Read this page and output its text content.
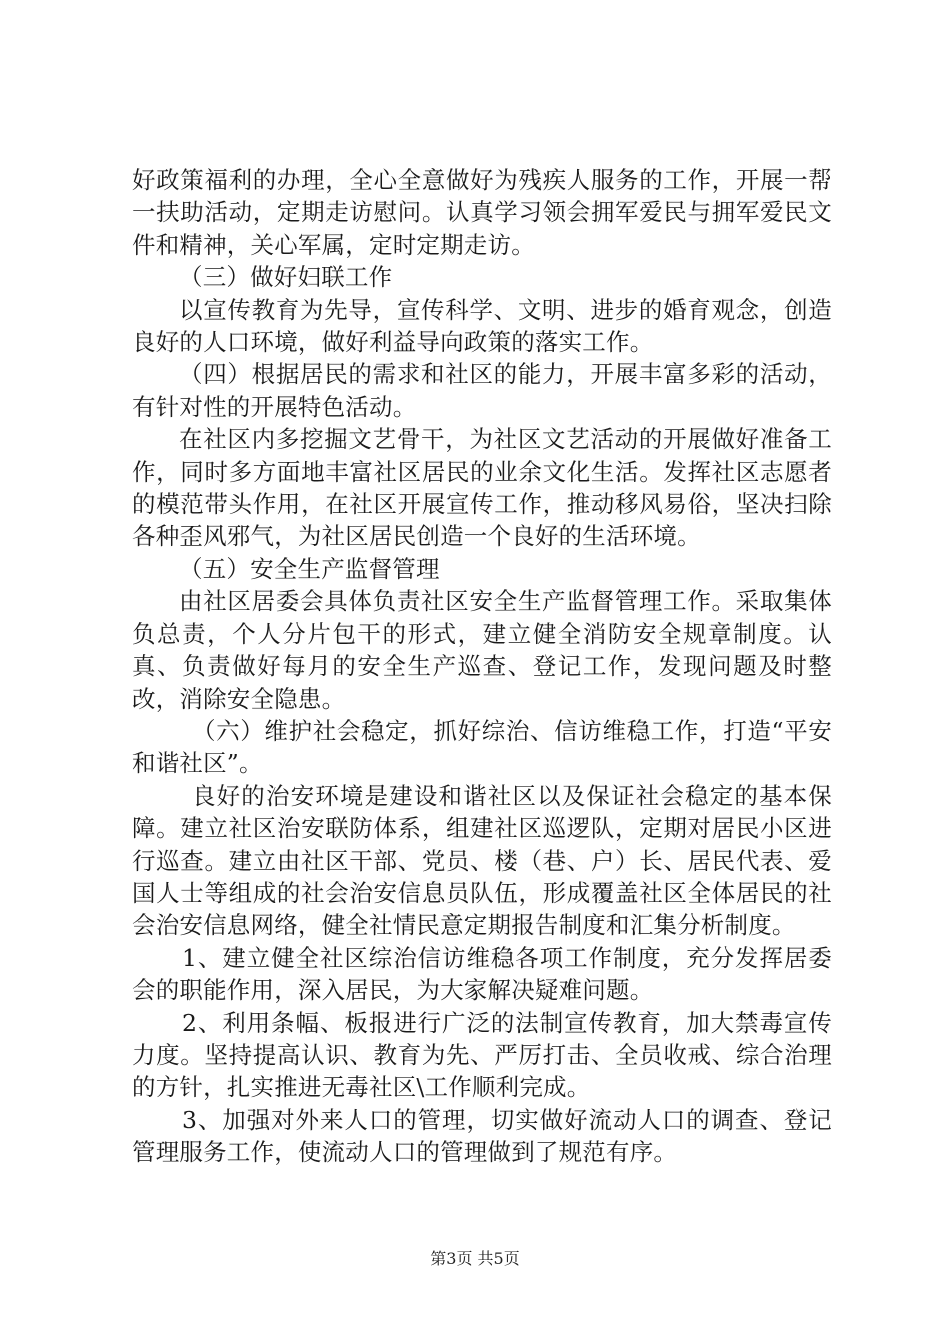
好政策福利的办理，全心全意做好为残疾人服务的工作，开展一帮一扶助活动，定期走访慰问。认真学习领会拥军爱民与拥军爱民文件和精神，关心军属，定时定期走访。

（三）做好妇联工作

以宣传教育为先导，宣传科学、文明、进步的婚育观念，创造良好的人口环境，做好利益导向政策的落实工作。

（四）根据居民的需求和社区的能力，开展丰富多彩的活动，有针对性的开展特色活动。

在社区内多挖掘文艺骨干，为社区文艺活动的开展做好准备工作，同时多方面地丰富社区居民的业余文化生活。发挥社区志愿者的模范带头作用，在社区开展宣传工作，推动移风易俗，坚决扫除各种歪风邪气，为社区居民创造一个良好的生活环境。

（五）安全生产监督管理

由社区居委会具体负责社区安全生产监督管理工作。采取集体负总责，个人分片包干的形式，建立健全消防安全规章制度。认真、负责做好每月的安全生产巡查、登记工作，发现问题及时整改，消除安全隐患。

（六）维护社会稳定，抓好综治、信访维稳工作，打造“平安和谐社区”。

良好的治安环境是建设和谐社区以及保证社会稳定的基本保障。建立社区治安联防体系，组建社区巡逻队，定期对居民小区进行巡查。建立由社区干部、党员、楼（巷、户）长、居民代表、爱国人士等组成的社会治安信息员队伍，形成覆盖社区全体居民的社会治安信息网络，健全社情民意定期报告制度和汇集分析制度。

1、建立健全社区综治信访维稳各项工作制度，充分发挥居委会的职能作用，深入居民，为大家解决疑难问题。

2、利用条幅、板报进行广泛的法制宣传教育，加大禁毒宣传力度。坚持提高认识、教育为先、严厉打击、全员收戒、综合治理的方针，扎实推进无毒社区\工作顺利完成。

3、加强对外来人口的管理，切实做好流动人口的调查、登记管理服务工作，使流动人口的管理做到了规范有序。

第3页 共5页
